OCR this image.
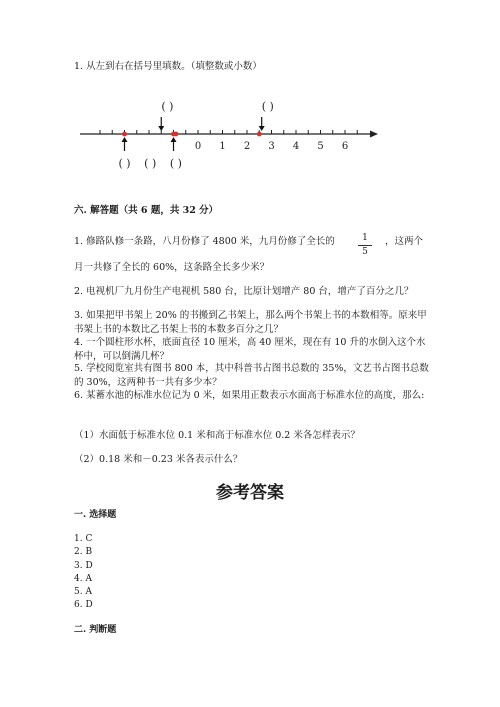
1. 从左到右在括号里填数。（填整数或小数）
0 1 2 3 4 5 6
( )	( )
( ) ( ) ( )
六. 解答题（共 6 题，共 32 分）
1. 修路队修一条路，八月份修了 4800 米，九月份修了全长的	1
5
，这两个
月一共修了全长的 60%，这条路全长多少米？
2. 电视机厂九月份生产电视机 580 台，比原计划增产 80 台，增产了百分之几？
3. 如果把甲书架上 20% 的书搬到乙书架上，那么两个书架上书的本数相等。原来甲书架上书的本数比乙书架上书的本数多百分之几？
4. 一个圆柱形水杯，底面直径 10 厘米，高 40 厘米，现在有 10 升的水倒入这个水杯中，可以倒满几杯？
5. 学校阅览室共有图书 800 本，其中科普书占图书总数的 35%，文艺书占图书总数的 30%，这两种书一共有多少本？
6. 某蓄水池的标准水位记为 0 米，如果用正数表示水面高于标准水位的高度，那么:
（1）水面低于标准水位 0.1 米和高于标准水位 0.2 米各怎样表示？
（2）0.18 米和－0.23 米各表示什么？
参考答案
一. 选择题
1. C
2. B
3. D
4. A
5. A
6. D
二. 判断题
